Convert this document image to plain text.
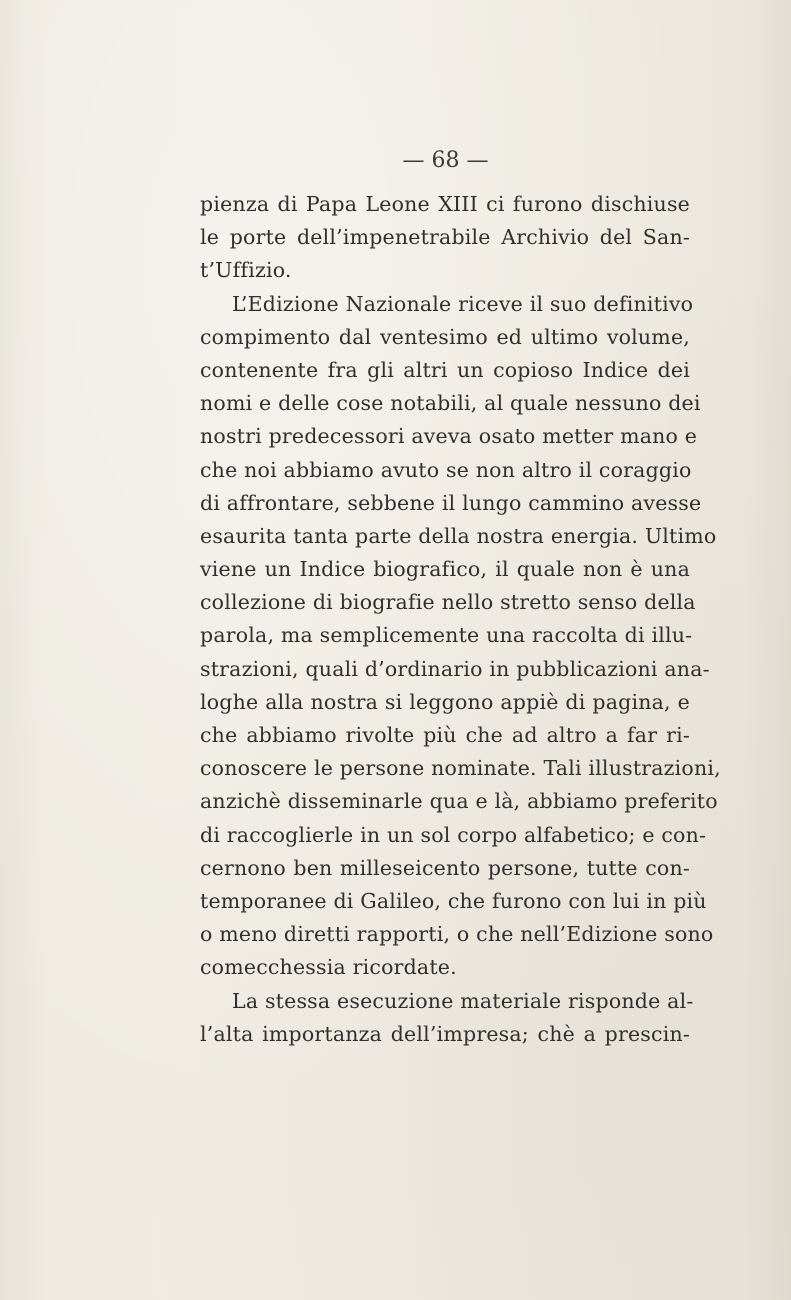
— 68 —
pienza di Papa Leone XIII ci furono dischiuse
le porte dell’impenetrabile Archivio del San-
t’Uffizio.
L’Edizione Nazionale riceve il suo definitivo
compimento dal ventesimo ed ultimo volume,
contenente fra gli altri un copioso Indice dei
nomi e delle cose notabili, al quale nessuno dei
nostri predecessori aveva osato metter mano e
che noi abbiamo avuto se non altro il coraggio
di affrontare, sebbene il lungo cammino avesse
esaurita tanta parte della nostra energia. Ultimo
viene un Indice biografico, il quale non è una
collezione di biografie nello stretto senso della
parola, ma semplicemente una raccolta di illu-
strazioni, quali d’ordinario in pubblicazioni ana-
loghe alla nostra si leggono appiè di pagina, e
che abbiamo rivolte più che ad altro a far ri-
conoscere le persone nominate. Tali illustrazioni,
anzichè disseminarle qua e là, abbiamo preferito
di raccoglierle in un sol corpo alfabetico; e con-
cernono ben milleseicento persone, tutte con-
temporanee di Galileo, che furono con lui in più
o meno diretti rapporti, o che nell’Edizione sono
comecchessia ricordate.
La stessa esecuzione materiale risponde al-
l’alta importanza dell’impresa; chè a prescin-
